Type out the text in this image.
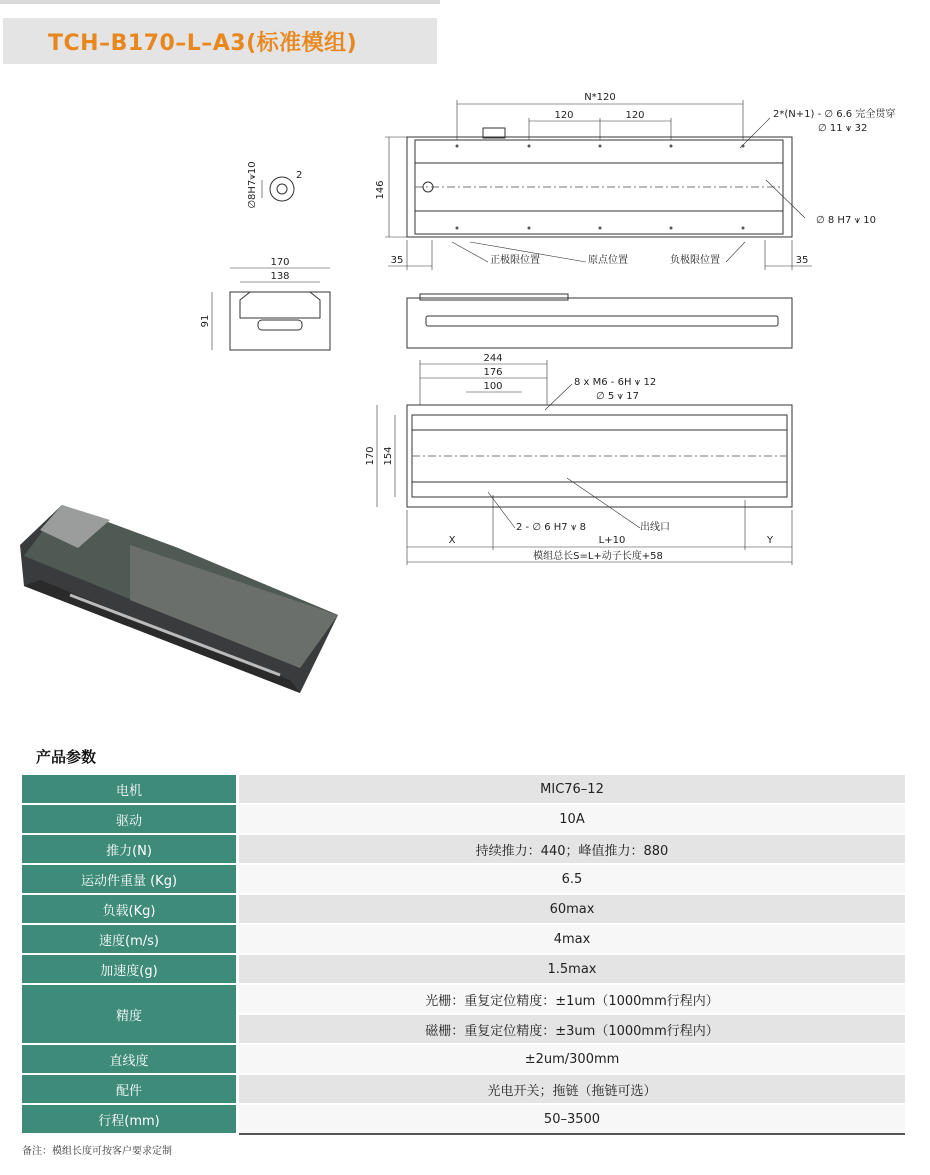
TCH–B170–L–A3(标准模组)
N*120
120	120	2*(N+1) - ∅ 6.6 完全贯穿
∅ 11 ⩛ 32
∅ 8 H7 ⩛ 10
146
35	35
正极限位置	原点位置	负极限位置
∅8H7⩛10	2
170
138
91
244
176
100	8 x M6 - 6H ⩛ 12
∅ 5 ⩛ 17
170 154
2 - ∅ 6 H7 ⩛ 8	出线口
X	L+10	Y
模组总长S=L+动子长度+58
产品参数
电机		MIC76–12
驱动		10A
推力(N)		持续推力：440；峰值推力：880
运动件重量 (Kg)		6.5
负载(Kg)		60max
速度(m/s)		4max
加速度(g)		1.5max
精度		光栅：重复定位精度：±1um（1000mm行程内）
		磁栅：重复定位精度：±3um（1000mm行程内）
直线度		±2um/300mm
配件		光电开关；拖链（拖链可选）
行程(mm)		50–3500
备注：模组长度可按客户要求定制
